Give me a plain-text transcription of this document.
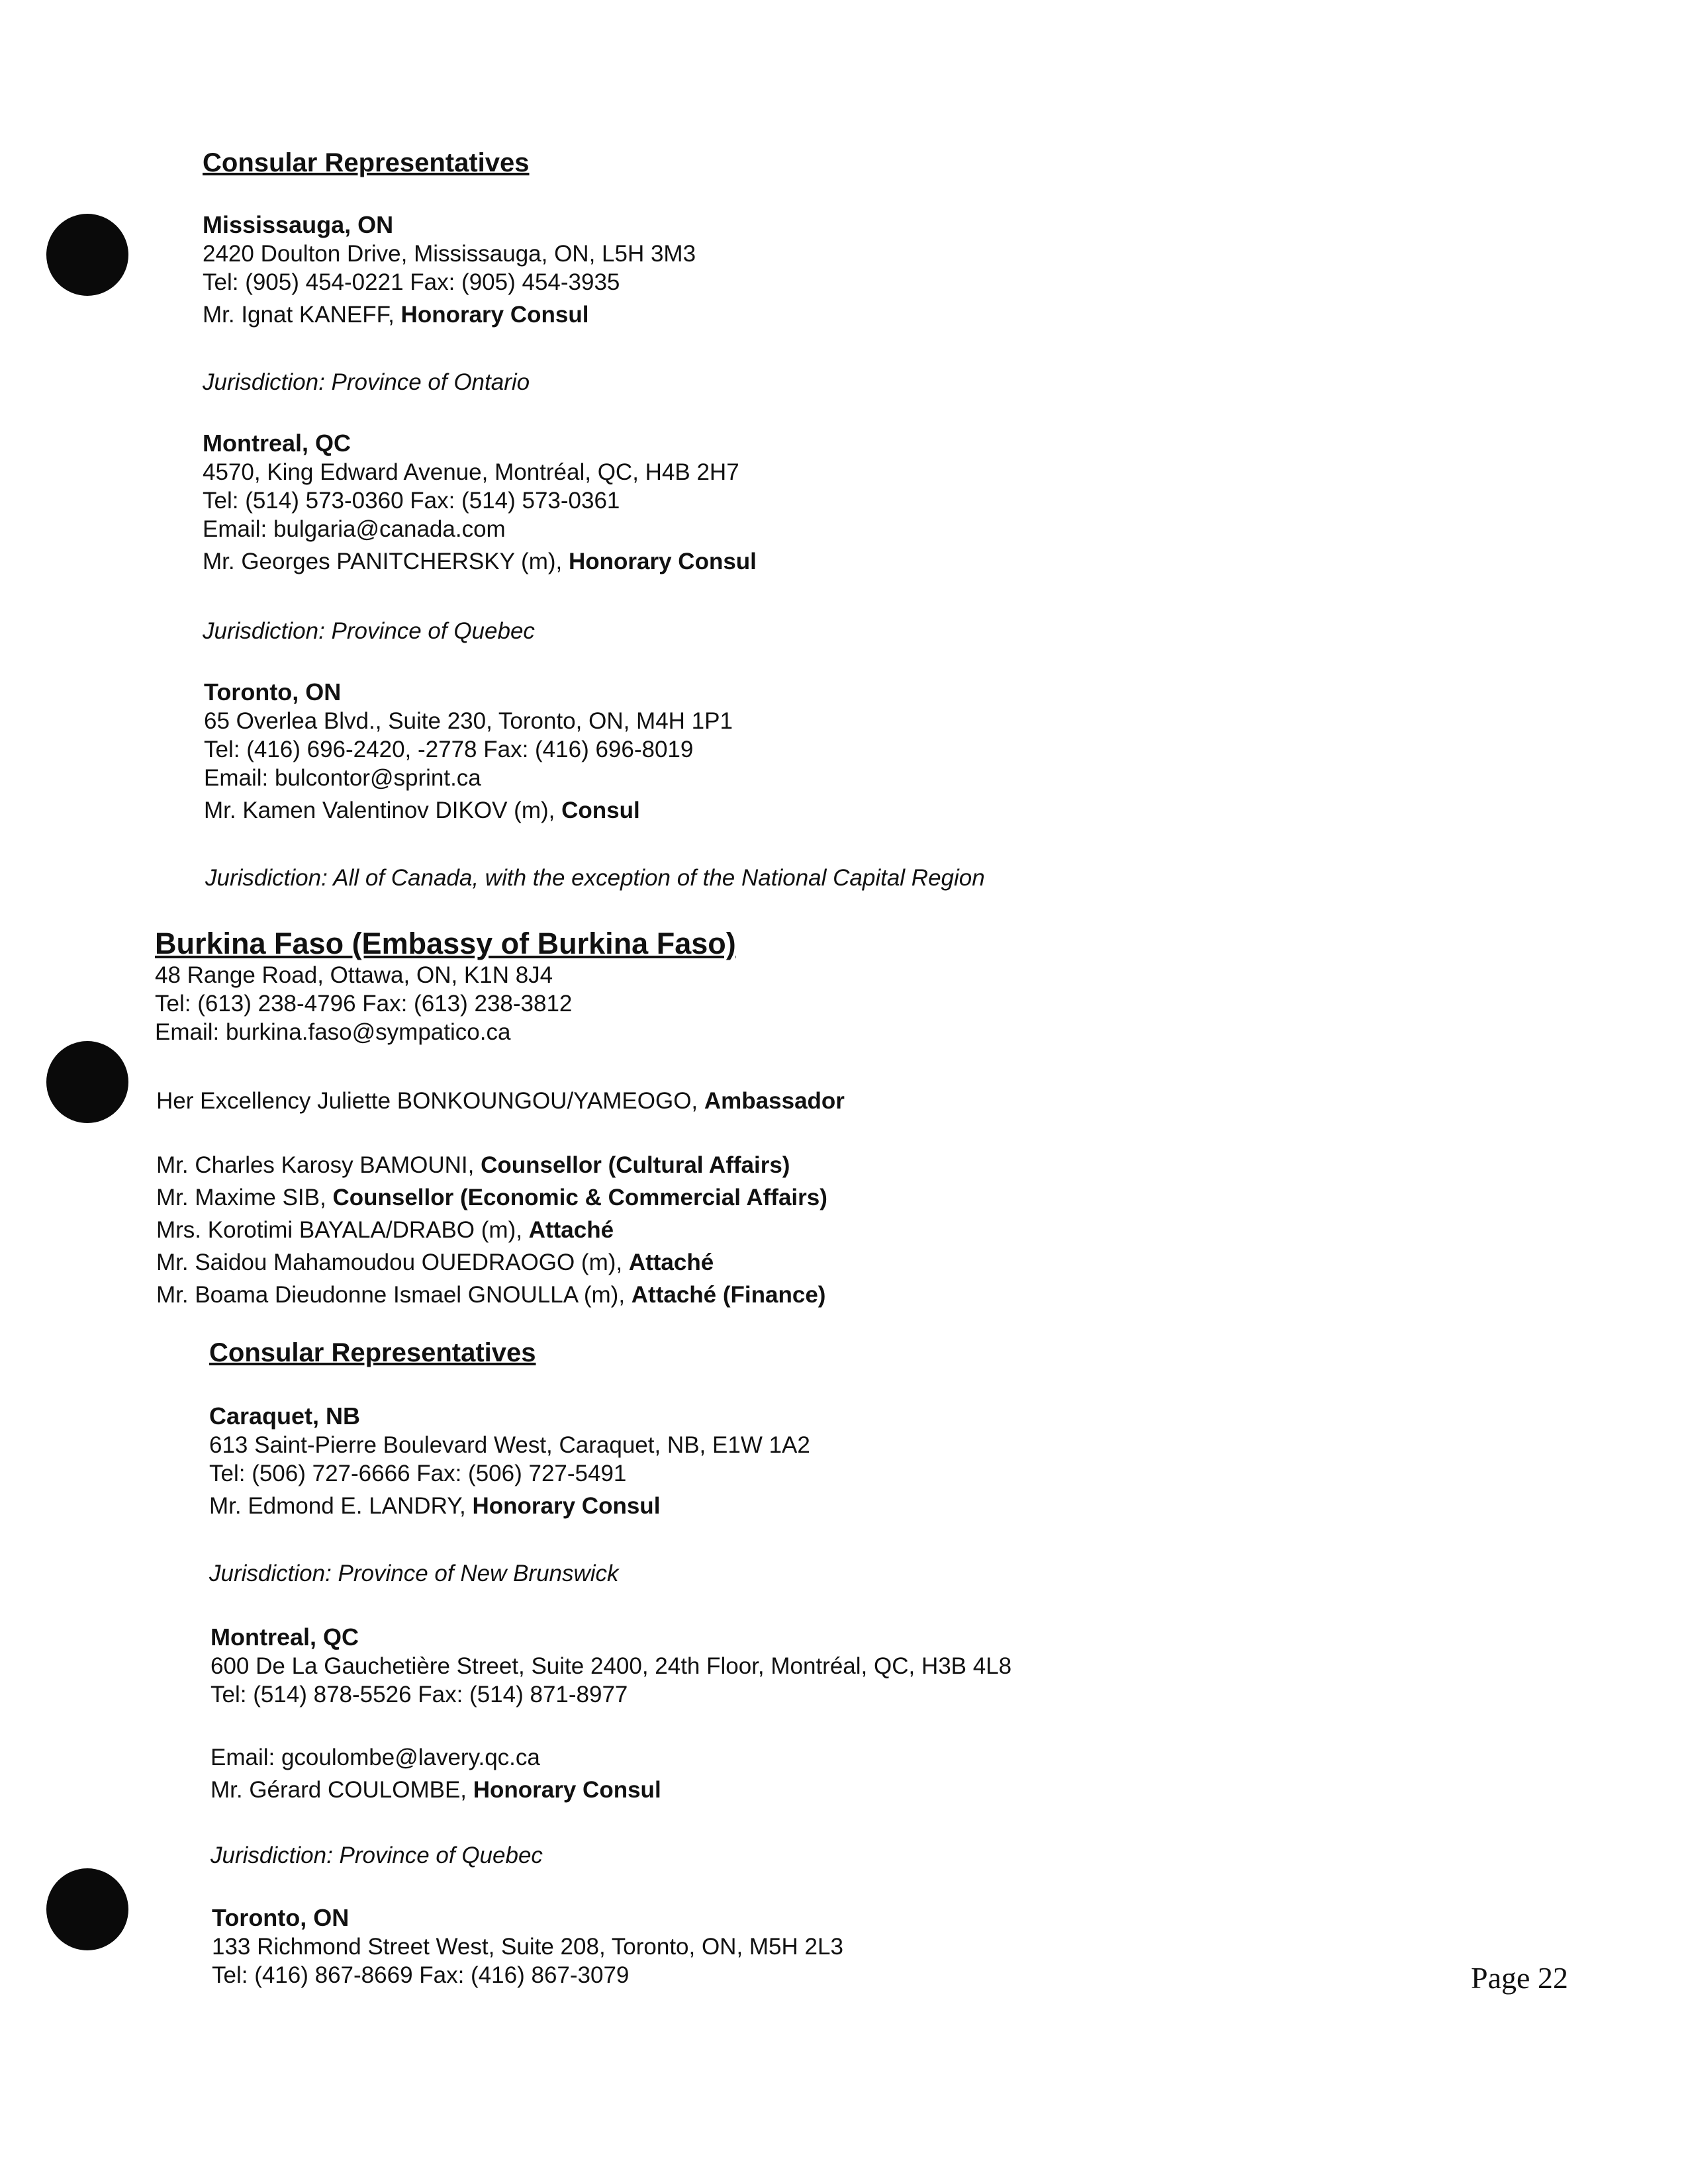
Consular Representatives

Mississauga, ON

2420 Doulton Drive, Mississauga, ON, L5H 3M3

Tel: (905) 454-0221 Fax: (905) 454-3935

Mr. Ignat KANEFF, Honorary Consul

Jurisdiction: Province of Ontario

Montreal, QC

4570, King Edward Avenue, Montréal, QC, H4B 2H7

Tel: (514) 573-0360 Fax: (514) 573-0361

Email: bulgaria@canada.com

Mr. Georges PANITCHERSKY (m), Honorary Consul

Jurisdiction: Province of Quebec

Toronto, ON

65 Overlea Blvd., Suite 230, Toronto, ON, M4H 1P1

Tel: (416) 696-2420, -2778 Fax: (416) 696-8019

Email: bulcontor@sprint.ca

Mr. Kamen Valentinov DIKOV (m), Consul

Jurisdiction: All of Canada, with the exception of the National Capital Region

Burkina Faso (Embassy of Burkina Faso)

48 Range Road, Ottawa, ON, K1N 8J4

Tel: (613) 238-4796 Fax: (613) 238-3812

Email: burkina.faso@sympatico.ca

Her Excellency Juliette BONKOUNGOU/YAMEOGO, Ambassador

Mr. Charles Karosy BAMOUNI, Counsellor (Cultural Affairs)

Mr. Maxime SIB, Counsellor (Economic & Commercial Affairs)

Mrs. Korotimi BAYALA/DRABO (m), Attaché

Mr. Saidou Mahamoudou OUEDRAOGO (m), Attaché

Mr. Boama Dieudonne Ismael GNOULLA (m), Attaché (Finance)

Consular Representatives

Caraquet, NB

613 Saint-Pierre Boulevard West, Caraquet, NB, E1W 1A2

Tel: (506) 727-6666 Fax: (506) 727-5491

Mr. Edmond E. LANDRY, Honorary Consul

Jurisdiction: Province of New Brunswick

Montreal, QC

600 De La Gauchetière Street, Suite 2400, 24th Floor, Montréal, QC, H3B 4L8

Tel: (514) 878-5526 Fax: (514) 871-8977

Email: gcoulombe@lavery.qc.ca

Mr. Gérard COULOMBE, Honorary Consul

Jurisdiction: Province of Quebec

Toronto, ON

133 Richmond Street West, Suite 208, Toronto, ON, M5H 2L3

Tel: (416) 867-8669 Fax: (416) 867-3079	Page 22
